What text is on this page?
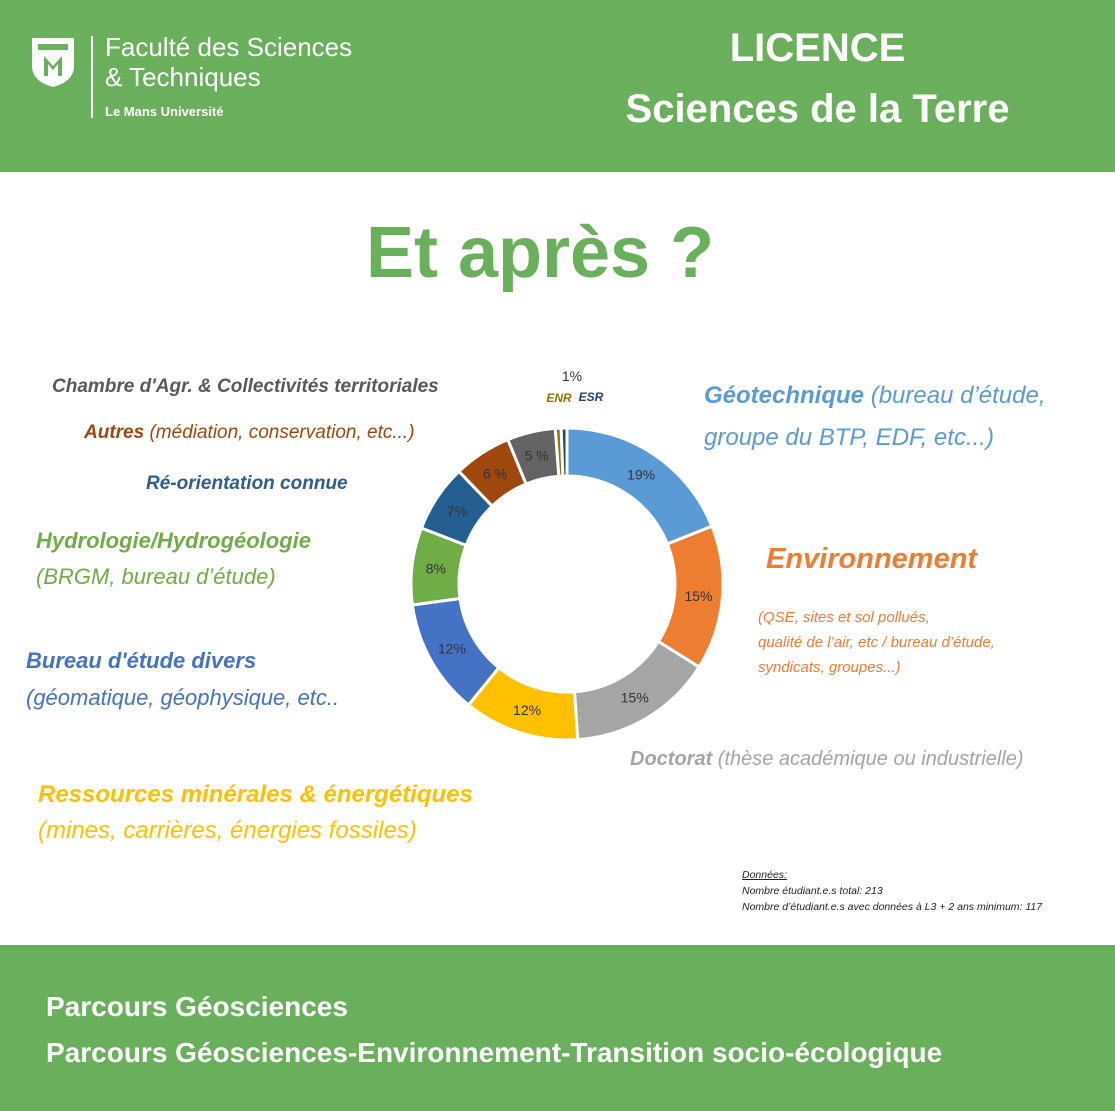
Faculté des Sciences
& Techniques
Le Mans Université
LICENCE
Sciences de la Terre
Et après ?
19%
15%
15%
12%
12%
8%
7%
6 %
5 %
1%
ENR ESR
Chambre d'Agr. & Collectivités territoriales
Autres (médiation, conservation, etc...)
Ré-orientation connue
Hydrologie/Hydrogéologie
(BRGM, bureau d’étude)
Bureau d'étude divers
(géomatique, géophysique, etc..
Ressources minérales & énergétiques
(mines, carrières, énergies fossiles)
Géotechnique (bureau d’étude,
groupe du BTP, EDF, etc...)
Environnement
(QSE, sites et sol pollués,
qualité de l’air, etc / bureau d’étude,
syndicats, groupes...)
Doctorat (thèse académique ou industrielle)
Données:
Nombre étudiant.e.s total: 213
Nombre d’étudiant.e.s avec données à L3 + 2 ans minimum: 117
Parcours Géosciences
Parcours Géosciences-Environnement-Transition socio-écologique
